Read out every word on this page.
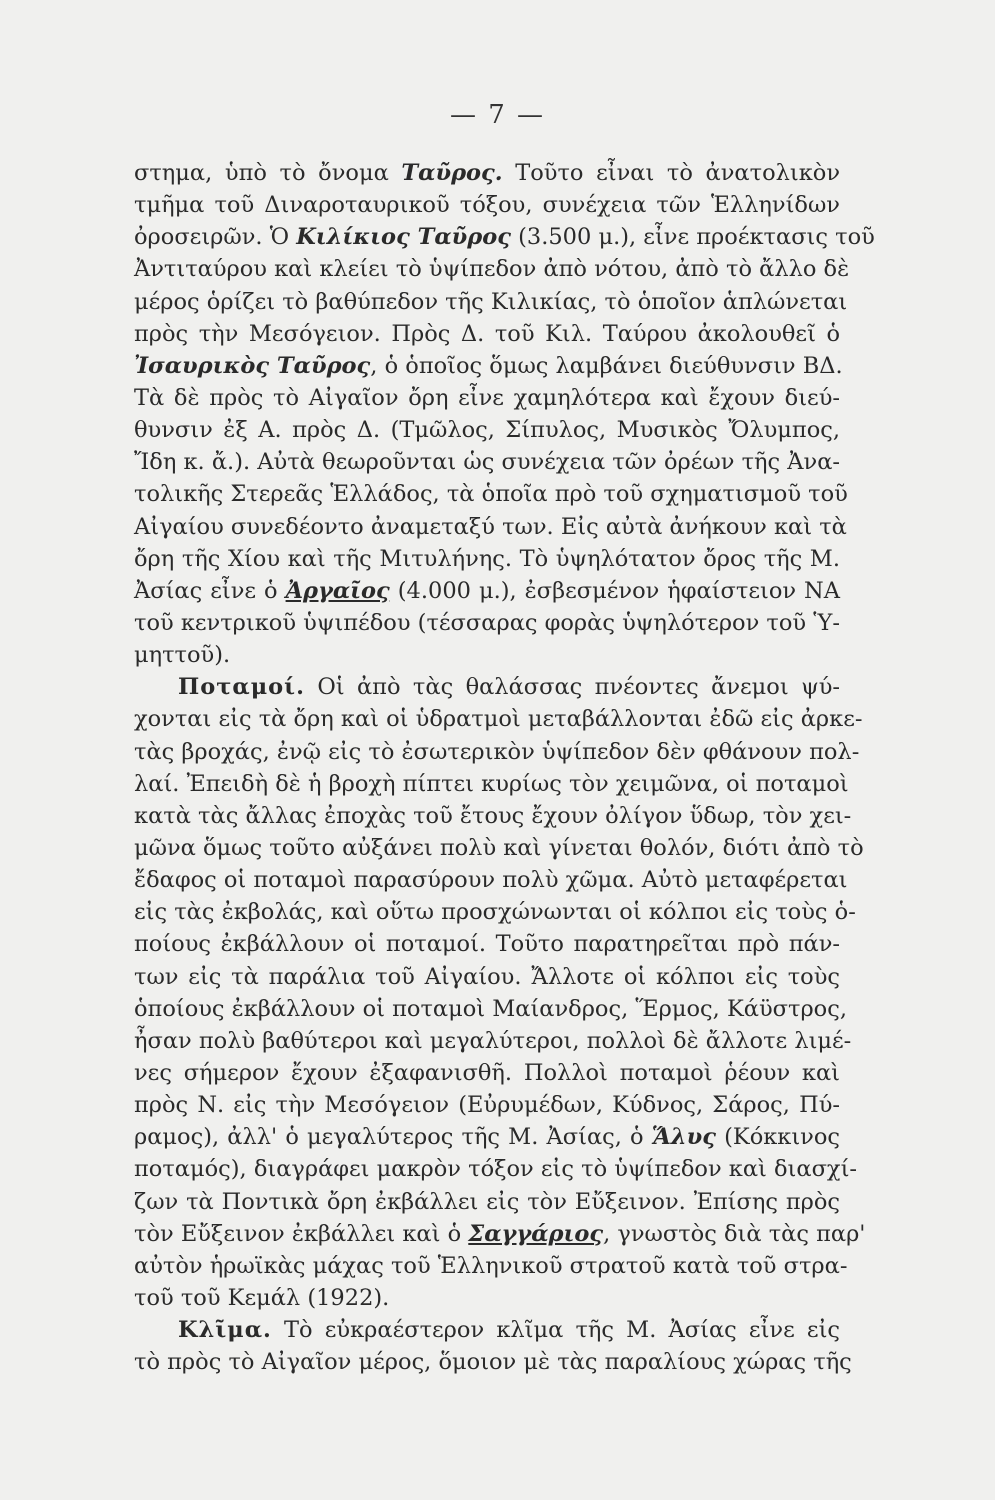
— 7 —
στημα, ὑπὸ τὸ ὄνομα Ταῦρος. Τοῦτο εἶναι τὸ ἀνατολικὸν
τμῆμα τοῦ Διναροταυρικοῦ τόξου, συνέχεια τῶν Ἑλληνίδων
ὀροσειρῶν. Ὁ Κιλίκιος Ταῦρος (3.500 μ.), εἶνε προέκτασις τοῦ
Ἀντιταύρου καὶ κλείει τὸ ὑψίπεδον ἀπὸ νότου, ἀπὸ τὸ ἄλλο δὲ
μέρος ὁρίζει τὸ βαθύπεδον τῆς Κιλικίας, τὸ ὁποῖον ἁπλώνεται
πρὸς τὴν Μεσόγειον. Πρὸς Δ. τοῦ Κιλ. Ταύρου ἀκολουθεῖ ὁ
Ἰσαυρικὸς Ταῦρος, ὁ ὁποῖος ὅμως λαμβάνει διεύθυνσιν ΒΔ.
Τὰ δὲ πρὸς τὸ Αἰγαῖον ὄρη εἶνε χαμηλότερα καὶ ἔχουν διεύ-
θυνσιν ἐξ Α. πρὸς Δ. (Τμῶλος, Σίπυλος, Μυσικὸς Ὄλυμπος,
Ἴδη κ. ἄ.). Αὐτὰ θεωροῦνται ὡς συνέχεια τῶν ὀρέων τῆς Ἀνα-
τολικῆς Στερεᾶς Ἑλλάδος, τὰ ὁποῖα πρὸ τοῦ σχηματισμοῦ τοῦ
Αἰγαίου συνεδέοντο ἀναμεταξύ των. Εἰς αὐτὰ ἀνήκουν καὶ τὰ
ὄρη τῆς Χίου καὶ τῆς Μιτυλήνης. Τὸ ὑψηλότατον ὄρος τῆς Μ.
Ἀσίας εἶνε ὁ Ἀργαῖος (4.000 μ.), ἐσβεσμένον ἡφαίστειον ΝΑ
τοῦ κεντρικοῦ ὑψιπέδου (τέσσαρας φορὰς ὑψηλότερον τοῦ Ὑ-
μηττοῦ).
Ποταμοί. Οἱ ἀπὸ τὰς θαλάσσας πνέοντες ἄνεμοι ψύ-
χονται εἰς τὰ ὄρη καὶ οἱ ὑδρατμοὶ μεταβάλλονται ἐδῶ εἰς ἀρκε-
τὰς βροχάς, ἐνῷ εἰς τὸ ἐσωτερικὸν ὑψίπεδον δὲν φθάνουν πολ-
λαί. Ἐπειδὴ δὲ ἡ βροχὴ πίπτει κυρίως τὸν χειμῶνα, οἱ ποταμοὶ
κατὰ τὰς ἄλλας ἐποχὰς τοῦ ἔτους ἔχουν ὀλίγον ὕδωρ, τὸν χει-
μῶνα ὅμως τοῦτο αὐξάνει πολὺ καὶ γίνεται θολόν, διότι ἀπὸ τὸ
ἔδαφος οἱ ποταμοὶ παρασύρουν πολὺ χῶμα. Αὐτὸ μεταφέρεται
εἰς τὰς ἐκβολάς, καὶ οὕτω προσχώνωνται οἱ κόλποι εἰς τοὺς ὁ-
ποίους ἐκβάλλουν οἱ ποταμοί. Τοῦτο παρατηρεῖται πρὸ πάν-
των εἰς τὰ παράλια τοῦ Αἰγαίου. Ἄλλοτε οἱ κόλποι εἰς τοὺς
ὁποίους ἐκβάλλουν οἱ ποταμοὶ Μαίανδρος, Ἕρμος, Κάϋστρος,
ἦσαν πολὺ βαθύτεροι καὶ μεγαλύτεροι, πολλοὶ δὲ ἄλλοτε λιμέ-
νες σήμερον ἔχουν ἐξαφανισθῆ. Πολλοὶ ποταμοὶ ῥέουν καὶ
πρὸς Ν. εἰς τὴν Μεσόγειον (Εὐρυμέδων, Κύδνος, Σάρος, Πύ-
ραμος), ἀλλ' ὁ μεγαλύτερος τῆς Μ. Ἀσίας, ὁ Ἅλυς (Κόκκινος
ποταμός), διαγράφει μακρὸν τόξον εἰς τὸ ὑψίπεδον καὶ διασχί-
ζων τὰ Ποντικὰ ὄρη ἐκβάλλει εἰς τὸν Εὔξεινον. Ἐπίσης πρὸς
τὸν Εὔξεινον ἐκβάλλει καὶ ὁ Σαγγάριος, γνωστὸς διὰ τὰς παρ'
αὐτὸν ἡρωϊκὰς μάχας τοῦ Ἑλληνικοῦ στρατοῦ κατὰ τοῦ στρα-
τοῦ τοῦ Κεμάλ (1922).
Κλῖμα. Τὸ εὐκραέστερον κλῖμα τῆς Μ. Ἀσίας εἶνε εἰς
τὸ πρὸς τὸ Αἰγαῖον μέρος, ὅμοιον μὲ τὰς παραλίους χώρας τῆς
